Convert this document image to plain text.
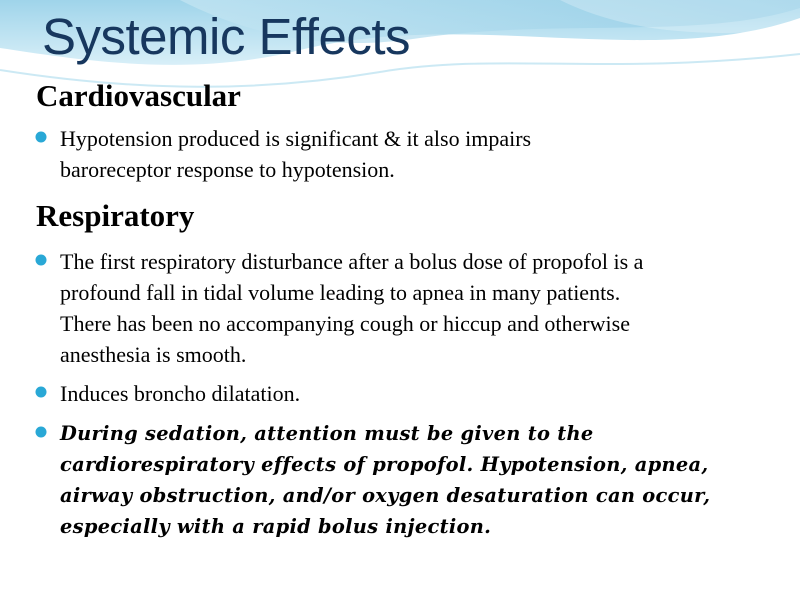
Systemic Effects
Cardiovascular
Hypotension produced is significant & it also impairs
baroreceptor response to hypotension.
Respiratory
The first respiratory disturbance after a bolus dose of propofol is a
profound fall in tidal volume leading to apnea in many patients.
There has been no accompanying cough or hiccup and otherwise
anesthesia is smooth.
Induces broncho dilatation.
During sedation, attention must be given to the
cardiorespiratory effects of propofol. Hypotension, apnea,
airway obstruction, and/or oxygen desaturation can occur,
especially with a rapid bolus injection.
